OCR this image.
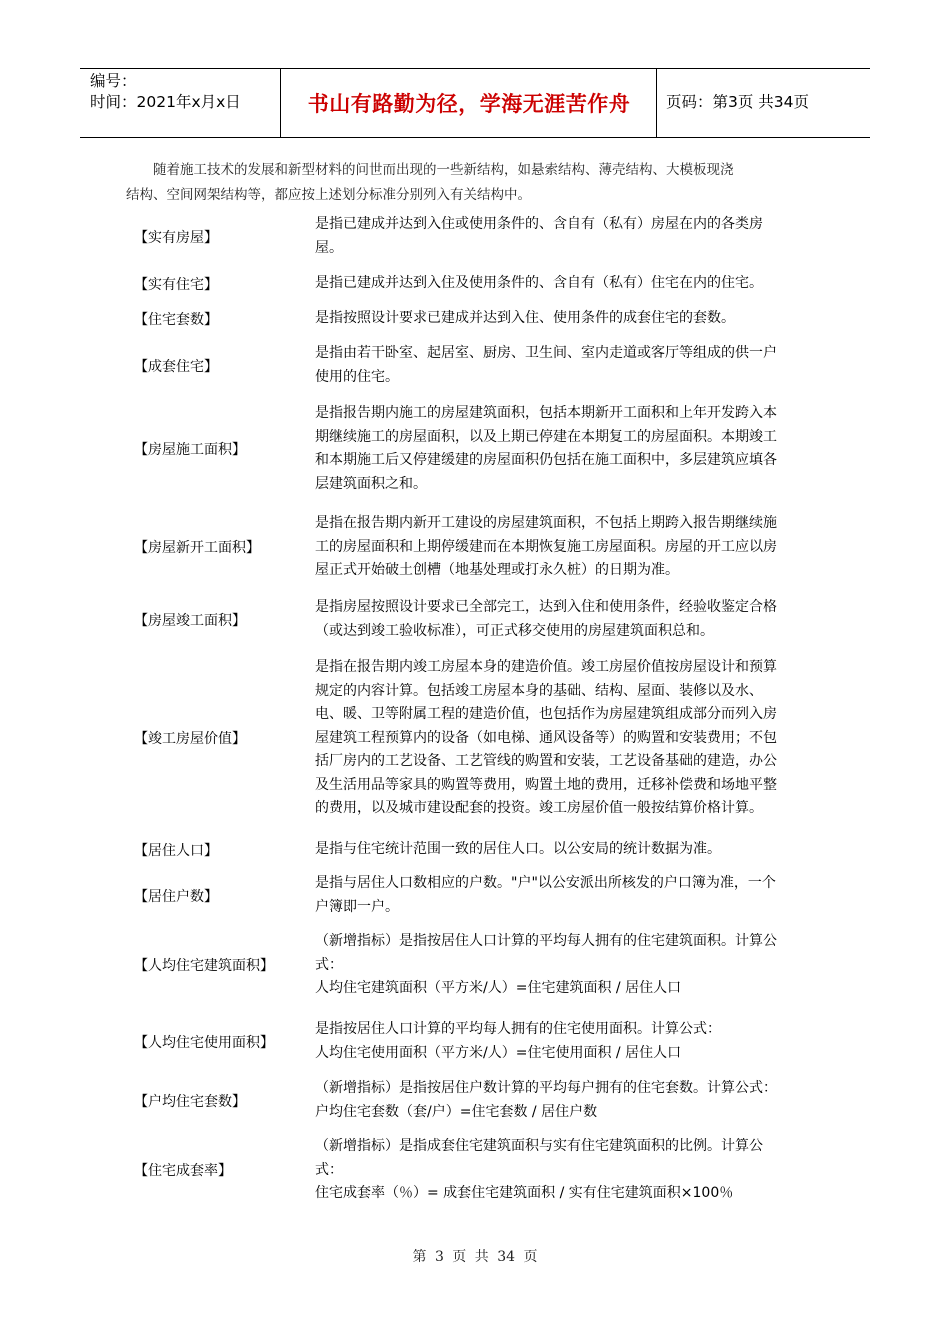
编号：
时间：2021年x月x日	书山有路勤为径，学海无涯苦作舟	页码：第3页 共34页

随着施工技术的发展和新型材料的问世而出现的一些新结构，如悬索结构、薄壳结构、大模板现浇

结构、空间网架结构等，都应按上述划分标准分别列入有关结构中。

【实有房屋】
是指已建成并达到入住或使用条件的、含自有（私有）房屋在内的各类房
屋。
【实有住宅】	是指已建成并达到入住及使用条件的、含自有（私有）住宅在内的住宅。
【住宅套数】	是指按照设计要求已建成并达到入住、使用条件的成套住宅的套数。
【成套住宅】
是指由若干卧室、起居室、厨房、卫生间、室内走道或客厅等组成的供一户
使用的住宅。
【房屋施工面积】
是指报告期内施工的房屋建筑面积，包括本期新开工面积和上年开发跨入本
期继续施工的房屋面积，以及上期已停建在本期复工的房屋面积。本期竣工
和本期施工后又停建缓建的房屋面积仍包括在施工面积中，多层建筑应填各
层建筑面积之和。
【房屋新开工面积】
是指在报告期内新开工建设的房屋建筑面积，不包括上期跨入报告期继续施
工的房屋面积和上期停缓建而在本期恢复施工房屋面积。房屋的开工应以房
屋正式开始破土创槽（地基处理或打永久桩）的日期为准。
【房屋竣工面积】
是指房屋按照设计要求已全部完工，达到入住和使用条件，经验收鉴定合格
（或达到竣工验收标准），可正式移交使用的房屋建筑面积总和。
【竣工房屋价值】
是指在报告期内竣工房屋本身的建造价值。竣工房屋价值按房屋设计和预算
规定的内容计算。包括竣工房屋本身的基础、结构、屋面、装修以及水、
电、暖、卫等附属工程的建造价值，也包括作为房屋建筑组成部分而列入房
屋建筑工程预算内的设备（如电梯、通风设备等）的购置和安装费用；不包
括厂房内的工艺设备、工艺管线的购置和安装，工艺设备基础的建造，办公
及生活用品等家具的购置等费用，购置土地的费用，迁移补偿费和场地平整
的费用，以及城市建设配套的投资。竣工房屋价值一般按结算价格计算。
【居住人口】	是指与住宅统计范围一致的居住人口。以公安局的统计数据为准。
【居住户数】
是指与居住人口数相应的户数。"户"以公安派出所核发的户口簿为准，一个
户簿即一户。
【人均住宅建筑面积】
（新增指标）是指按居住人口计算的平均每人拥有的住宅建筑面积。计算公
式：
人均住宅建筑面积（平方米/人）=住宅建筑面积 / 居住人口
【人均住宅使用面积】
是指按居住人口计算的平均每人拥有的住宅使用面积。计算公式：
人均住宅使用面积（平方米/人）=住宅使用面积 / 居住人口
【户均住宅套数】
（新增指标）是指按居住户数计算的平均每户拥有的住宅套数。计算公式：
户均住宅套数（套/户）=住宅套数 / 居住户数
【住宅成套率】
（新增指标）是指成套住宅建筑面积与实有住宅建筑面积的比例。计算公
式：
住宅成套率（％）= 成套住宅建筑面积 / 实有住宅建筑面积×100％
第 3 页 共 34 页
